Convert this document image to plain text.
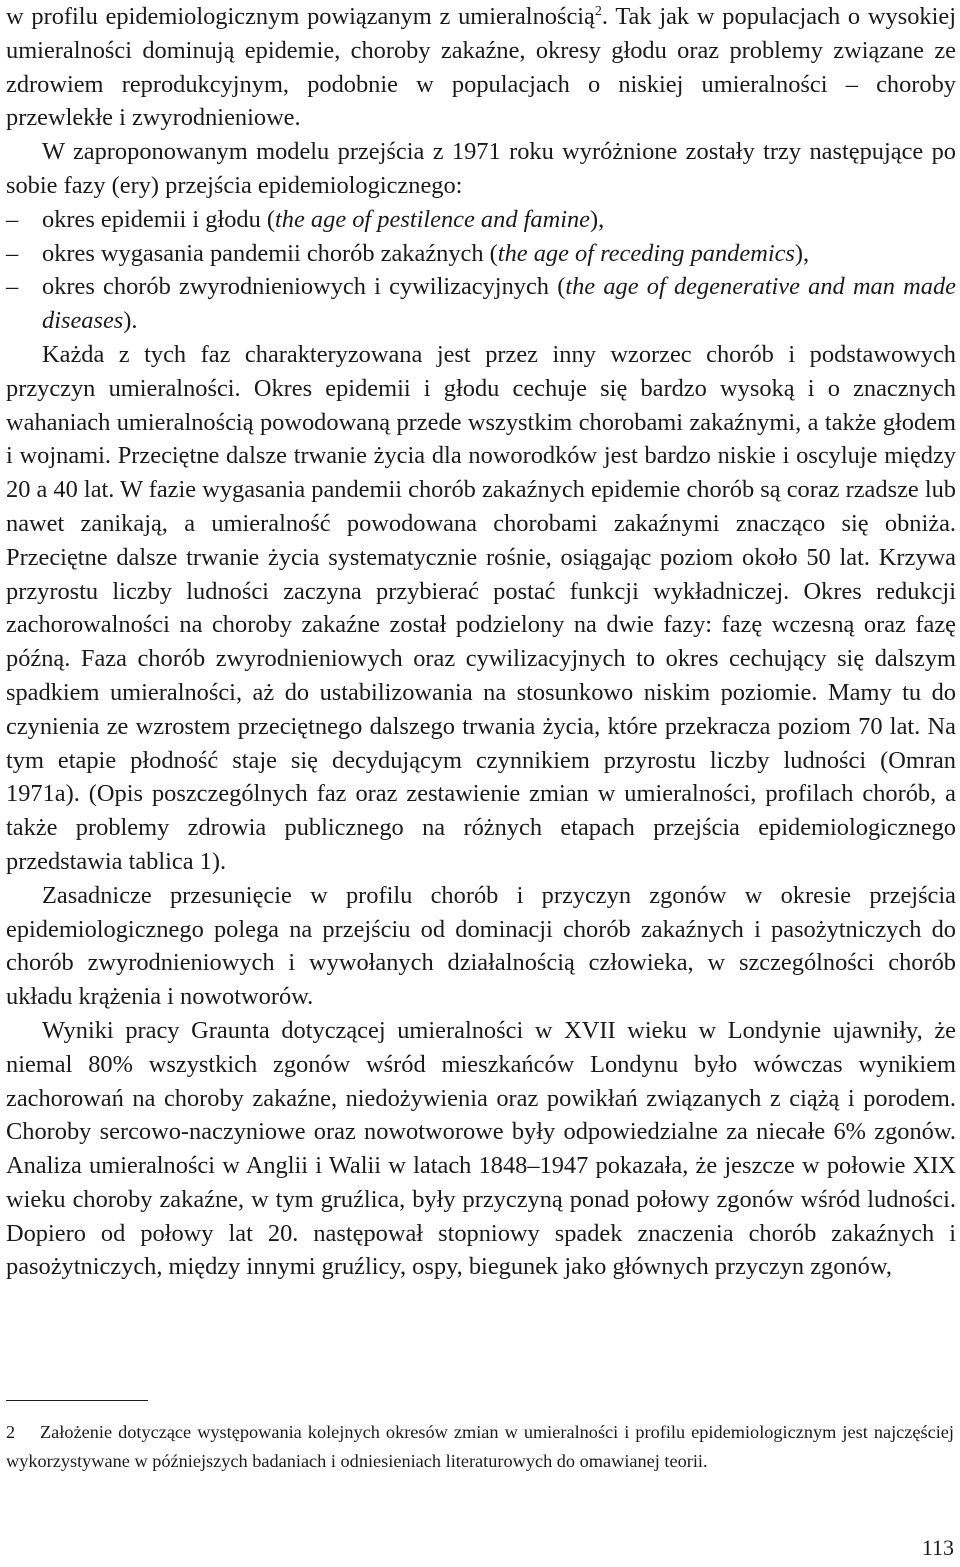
w profilu epidemiologicznym powiązanym z umieralnością$^2$. Tak jak w populacjach o wysokiej umieralności dominują epidemie, choroby zakaźne, okresy głodu oraz problemy związane ze zdrowiem reprodukcyjnym, podobnie w populacjach o niskiej umieralności – choroby przewlekłe i zwyrodnieniowe.

W zaproponowanym modelu przejścia z 1971 roku wyróżnione zostały trzy następujące po sobie fazy (ery) przejścia epidemiologicznego:

– okres epidemii i głodu (the age of pestilence and famine),
– okres wygasania pandemii chorób zakaźnych (the age of receding pandemics),
– okres chorób zwyrodnieniowych i cywilizacyjnych (the age of degenerative and man made diseases).

Każda z tych faz charakteryzowana jest przez inny wzorzec chorób i podstawowych przyczyn umieralności. Okres epidemii i głodu cechuje się bardzo wysoką i o znacznych wahaniach umieralnością powodowaną przede wszystkim chorobami zakaźnymi, a także głodem i wojnami. Przeciętne dalsze trwanie życia dla noworodków jest bardzo niskie i oscyluje między 20 a 40 lat. W fazie wygasania pandemii chorób zakaźnych epidemie chorób są coraz rzadsze lub nawet zanikają, a umieralność powodowana chorobami zakaźnymi znacząco się obniża. Przeciętne dalsze trwanie życia systematycznie rośnie, osiągając poziom około 50 lat. Krzywa przyrostu liczby ludności zaczyna przybierać postać funkcji wykładniczej. Okres redukcji zachorowalności na choroby zakaźne został podzielony na dwie fazy: fazę wczesną oraz fazę późną. Faza chorób zwyrodnieniowych oraz cywilizacyjnych to okres cechujący się dalszym spadkiem umieralności, aż do ustabilizowania na stosunkowo niskim poziomie. Mamy tu do czynienia ze wzrostem przeciętnego dalszego trwania życia, które przekracza poziom 70 lat. Na tym etapie płodność staje się decydującym czynnikiem przyrostu liczby ludności (Omran 1971a). (Opis poszczególnych faz oraz zestawienie zmian w umieralności, profilach chorób, a także problemy zdrowia publicznego na różnych etapach przejścia epidemiologicznego przedstawia tablica 1).

Zasadnicze przesunięcie w profilu chorób i przyczyn zgonów w okresie przejścia epidemiologicznego polega na przejściu od dominacji chorób zakaźnych i pasożytniczych do chorób zwyrodnieniowych i wywołanych działalnością człowieka, w szczególności chorób układu krążenia i nowotworów.

Wyniki pracy Graunta dotyczącej umieralności w XVII wieku w Londynie ujawniły, że niemal 80% wszystkich zgonów wśród mieszkańców Londynu było wówczas wynikiem zachorowań na choroby zakaźne, niedożywienia oraz powikłań związanych z ciążą i porodem. Choroby sercowo-naczyniowe oraz nowotworowe były odpowiedzialne za niecałe 6% zgonów. Analiza umieralności w Anglii i Walii w latach 1848–1947 pokazała, że jeszcze w połowie XIX wieku choroby zakaźne, w tym gruźlica, były przyczyną ponad połowy zgonów wśród ludności. Dopiero od połowy lat 20. następował stopniowy spadek znaczenia chorób zakaźnych i pasożytniczych, między innymi gruźlicy, ospy, biegunek jako głównych przyczyn zgonów,

2 Założenie dotyczące występowania kolejnych okresów zmian w umieralności i profilu epidemiologicznym jest najczęściej wykorzystywane w późniejszych badaniach i odniesieniach literaturowych do omawianej teorii.

113
